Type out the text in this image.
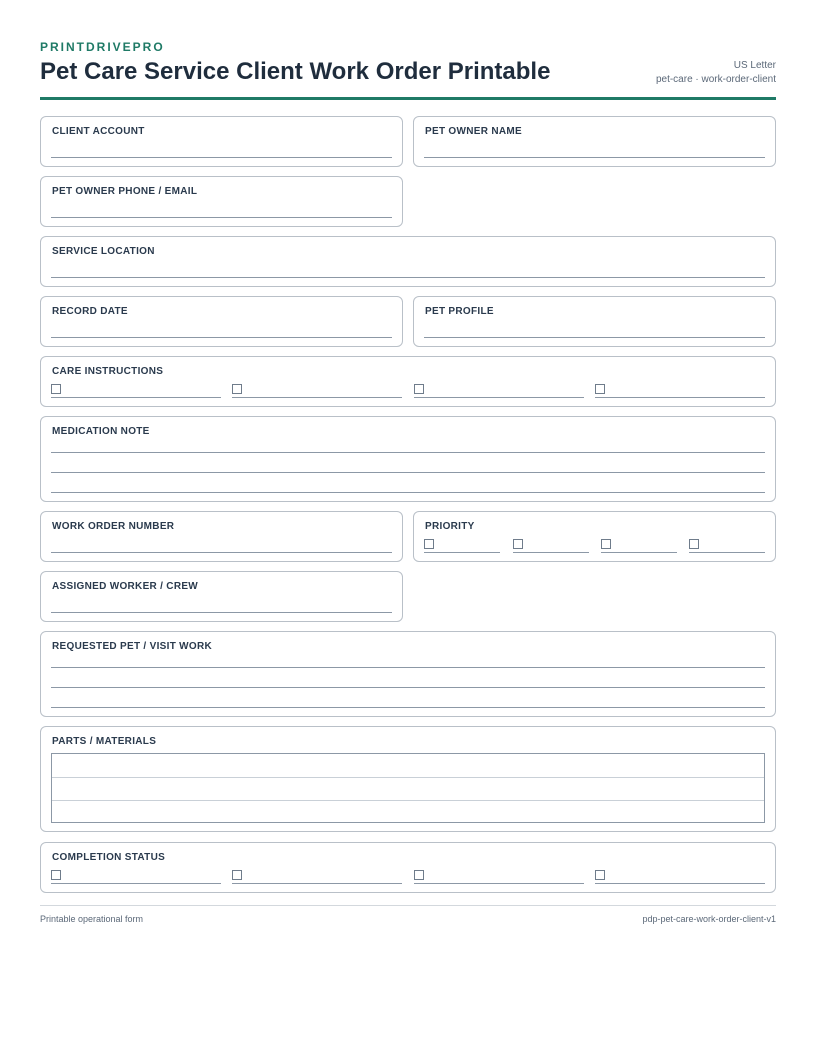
PRINTDRIVEPRO
Pet Care Service Client Work Order Printable	US Letter
pet-care · work-order-client
CLIENT ACCOUNT	PET OWNER NAME
PET OWNER PHONE / EMAIL
SERVICE LOCATION
RECORD DATE	PET PROFILE
CARE INSTRUCTIONS
MEDICATION NOTE
WORK ORDER NUMBER	PRIORITY
ASSIGNED WORKER / CREW
REQUESTED PET / VISIT WORK
PARTS / MATERIALS
COMPLETION STATUS
Printable operational form	pdp-pet-care-work-order-client-v1
